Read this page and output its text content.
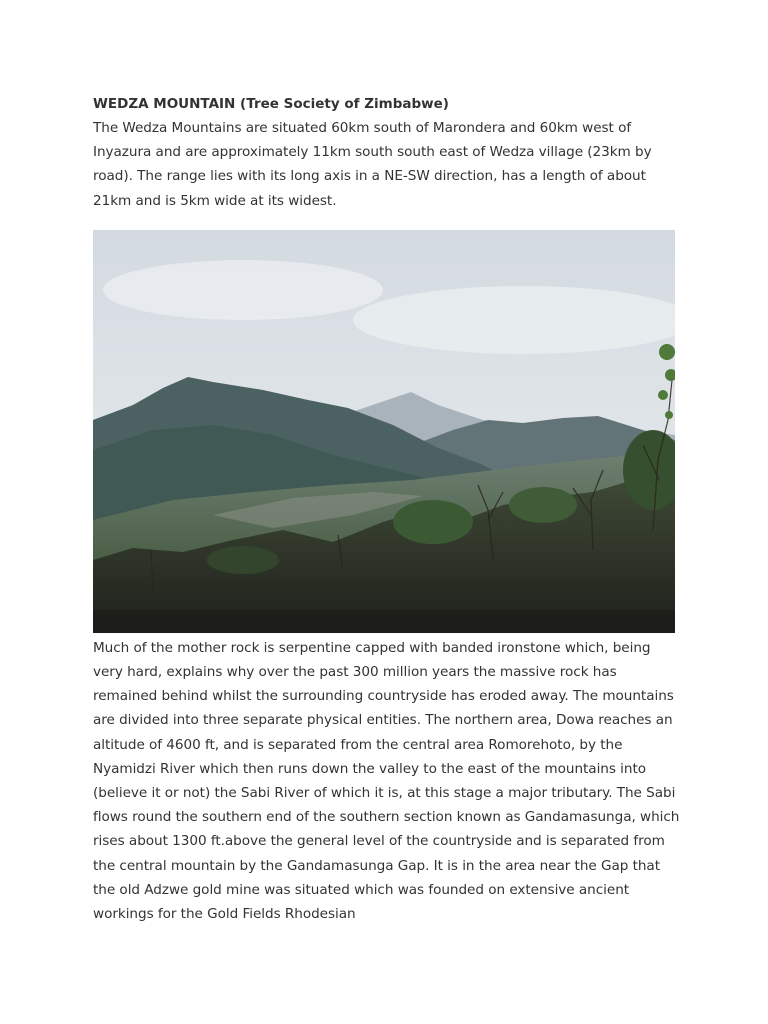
WEDZA MOUNTAIN (Tree Society of Zimbabwe)

The Wedza Mountains are situated 60km south of Marondera and 60km west of Inyazura and are approximately 11km south south east of Wedza village (23km by road). The range lies with its long axis in a NE-SW direction, has a length of about 21km and is 5km wide at its widest.

Much of the mother rock is serpentine capped with banded ironstone which, being very hard, explains why over the past 300 million years the massive rock has remained behind whilst the surrounding countryside has eroded away. The mountains are divided into three separate physical entities. The northern area, Dowa reaches an altitude of 4600 ft, and is separated from the central area Romorehoto, by the Nyamidzi River which then runs down the valley to the east of the mountains into (believe it or not) the Sabi River of which it is, at this stage a major tributary. The Sabi flows round the southern end of the southern section known as Gandamasunga, which rises about 1300 ft.above the general level of the countryside and is separated from the central mountain by the Gandamasunga Gap. It is in the area near the Gap that the old Adzwe gold mine was situated which was founded on extensive ancient workings for the Gold Fields Rhodesian
